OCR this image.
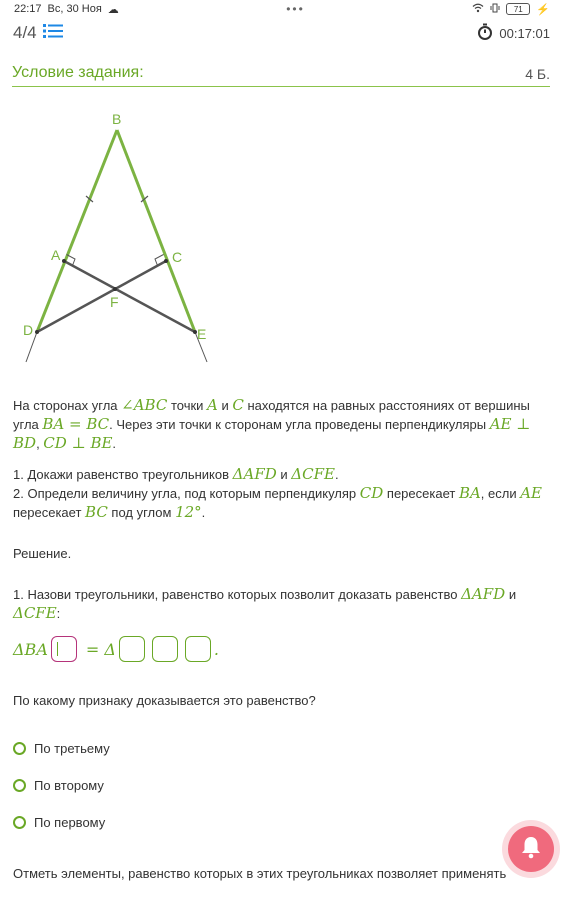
22:17 Вс, 30 Ноя ☁	•••	71 ⚡
4/4	00:17:01
Условие задания:	4 Б.
B
A	C
F
D	E

На сторонах угла ∠ABC точки A и C находятся на равных расстояниях от вершины угла BA = BC. Через эти точки к сторонам угла проведены перпендикуляры AE ⊥ BD, CD ⊥ BE.

1. Докажи равенство треугольников ΔAFD и ΔCFE.

2. Определи величину угла, под которым перпендикуляр CD пересекает BA, если AE пересекает BC под углом 12°.

Решение.

1. Назови треугольники, равенство которых позволит доказать равенство ΔAFD и ΔCFE:

ΔBA = Δ	.

По какому признаку доказывается это равенство?

По третьему
По второму
По первому
Отметь элементы, равенство которых в этих треугольниках позволяет применять
